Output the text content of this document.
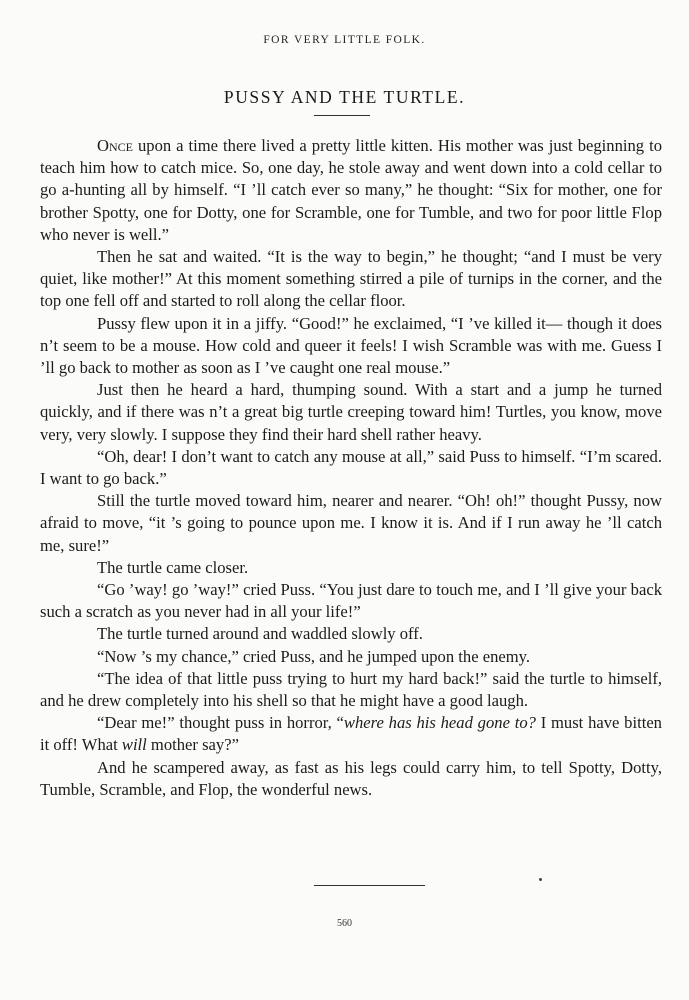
FOR VERY LITTLE FOLK.
PUSSY AND THE TURTLE.

Once upon a time there lived a pretty little kitten. His mother was just beginning to teach him how to catch mice. So, one day, he stole away and went down into a cold cellar to go a-hunting all by himself. “I ’ll catch ever so many,” he thought: “Six for mother, one for brother Spotty, one for Dotty, one for Scramble, one for Tumble, and two for poor little Flop who never is well.”

Then he sat and waited. “It is the way to begin,” he thought; “and I must be very quiet, like mother!” At this moment something stirred a pile of turnips in the corner, and the top one fell off and started to roll along the cellar floor.

Pussy flew upon it in a jiffy. “Good!” he exclaimed, “I ’ve killed it— though it does n’t seem to be a mouse. How cold and queer it feels! I wish Scramble was with me. Guess I ’ll go back to mother as soon as I ’ve caught one real mouse.”

Just then he heard a hard, thumping sound. With a start and a jump he turned quickly, and if there was n’t a great big turtle creeping toward him! Turtles, you know, move very, very slowly. I suppose they find their hard shell rather heavy.

“Oh, dear! I don’t want to catch any mouse at all,” said Puss to himself. “I’m scared. I want to go back.”

Still the turtle moved toward him, nearer and nearer. “Oh! oh!” thought Pussy, now afraid to move, “it ’s going to pounce upon me. I know it is. And if I run away he ’ll catch me, sure!”

The turtle came closer.

“Go ’way! go ’way!” cried Puss. “You just dare to touch me, and I ’ll give your back such a scratch as you never had in all your life!”

The turtle turned around and waddled slowly off.

“Now ’s my chance,” cried Puss, and he jumped upon the enemy.

“The idea of that little puss trying to hurt my hard back!” said the turtle to himself, and he drew completely into his shell so that he might have a good laugh.

“Dear me!” thought puss in horror, “where has his head gone to? I must have bitten it off! What will mother say?”

And he scampered away, as fast as his legs could carry him, to tell Spotty, Dotty, Tumble, Scramble, and Flop, the wonderful news.

560
